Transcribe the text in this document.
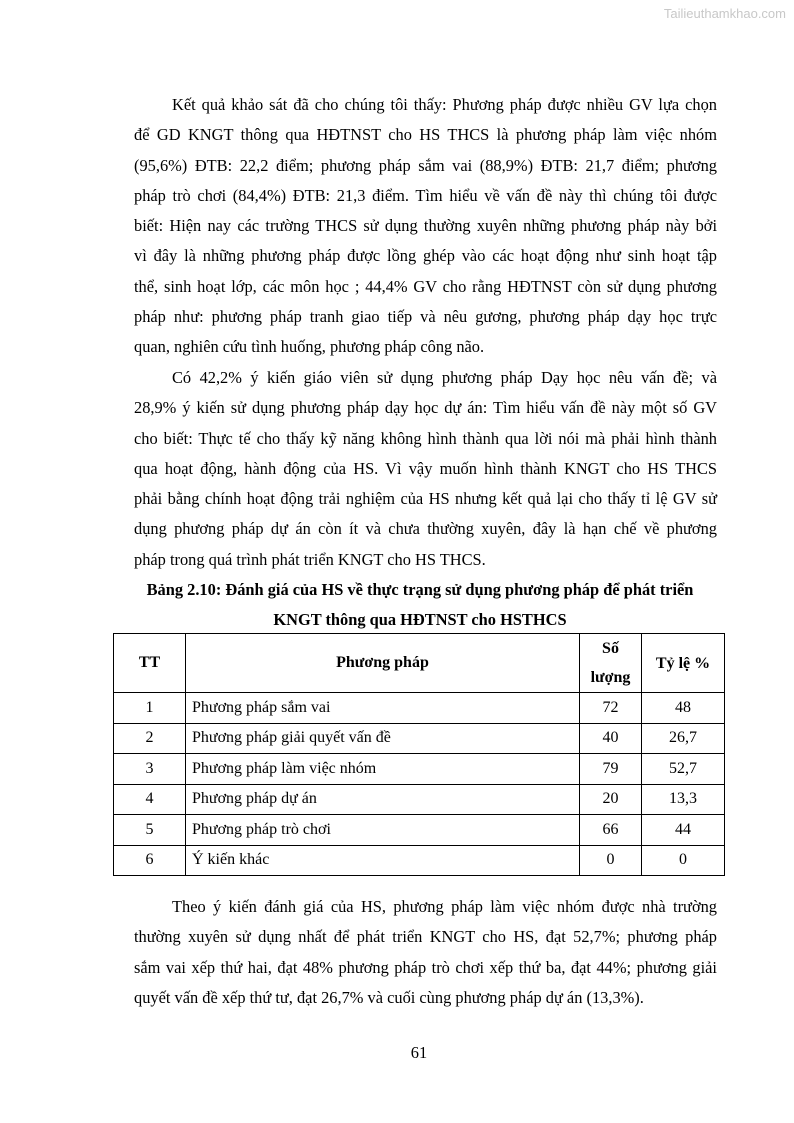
Tailieuthamkhao.com
Kết quả khảo sát đã cho chúng tôi thấy: Phương pháp được nhiều GV lựa chọn
để GD KNGT thông qua HĐTNST cho HS THCS là phương pháp làm việc nhóm
(95,6%) ĐTB: 22,2 điểm; phương pháp sắm vai (88,9%) ĐTB: 21,7 điểm; phương
pháp trò chơi (84,4%) ĐTB: 21,3 điểm. Tìm hiểu về vấn đề này thì chúng tôi được
biết: Hiện nay các trường THCS sử dụng thường xuyên những phương pháp này bởi
vì đây là những phương pháp được lồng ghép vào các hoạt động như sinh hoạt tập
thể, sinh hoạt lớp, các môn học ; 44,4% GV cho rằng HĐTNST còn sử dụng phương
pháp như: phương pháp tranh giao tiếp và nêu gương, phương pháp dạy học trực
quan, nghiên cứu tình huống, phương pháp công não.
Có 42,2% ý kiến giáo viên sử dụng phương pháp Dạy học nêu vấn đề; và
28,9% ý kiến sử dụng phương pháp dạy học dự án: Tìm hiểu vấn đề này một số GV
cho biết: Thực tế cho thấy kỹ năng không hình thành qua lời nói mà phải hình thành
qua hoạt động, hành động của HS. Vì vậy muốn hình thành KNGT cho HS THCS
phải bằng chính hoạt động trải nghiệm của HS nhưng kết quả lại cho thấy tỉ lệ GV sử
dụng phương pháp dự án còn ít và chưa thường xuyên, đây là hạn chế về phương
pháp trong quá trình phát triển KNGT cho HS THCS.
Bảng 2.10: Đánh giá của HS về thực trạng sử dụng phương pháp để phát triển
KNGT thông qua HĐTNST cho HSTHCS
TT	Phương pháp	Số lượng	Tỷ lệ %
1	Phương pháp sắm vai	72	48
2	Phương pháp giải quyết vấn đề	40	26,7
3	Phương pháp làm việc nhóm	79	52,7
4	Phương pháp dự án	20	13,3
5	Phương pháp trò chơi	66	44
6	Ý kiến khác	0	0
Theo ý kiến đánh giá của HS, phương pháp làm việc nhóm được nhà trường
thường xuyên sử dụng nhất để phát triển KNGT cho HS, đạt 52,7%; phương pháp
sắm vai xếp thứ hai, đạt 48% phương pháp trò chơi xếp thứ ba, đạt 44%; phương giải
quyết vấn đề xếp thứ tư, đạt 26,7% và cuối cùng phương pháp dự án (13,3%).
61
